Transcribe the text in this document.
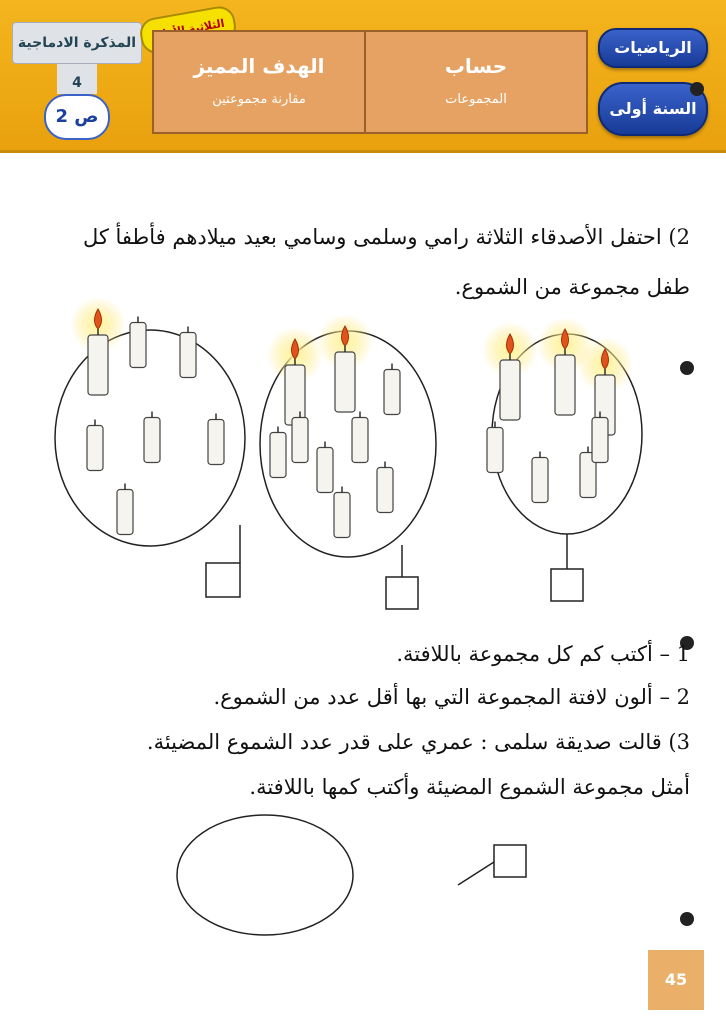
المذكرة الادماجية 4
ص 2
الهدف المميز
مقارنة مجموعتين
حساب
المجموعات
الرياضيات
السنة أولى
2) احتفل الأصدقاء الثلاثة رامي وسلمى وسامي بعيد ميلادهم فأطفأ كل
طفل مجموعة من الشموع.
1 – أكتب كم كل مجموعة باللافتة.
2 – ألون لافتة المجموعة التي بها أقل عدد من الشموع.
3) قالت صديقة سلمى : عمري على قدر عدد الشموع المضيئة.
أمثل مجموعة الشموع المضيئة وأكتب كمها باللافتة.
45
